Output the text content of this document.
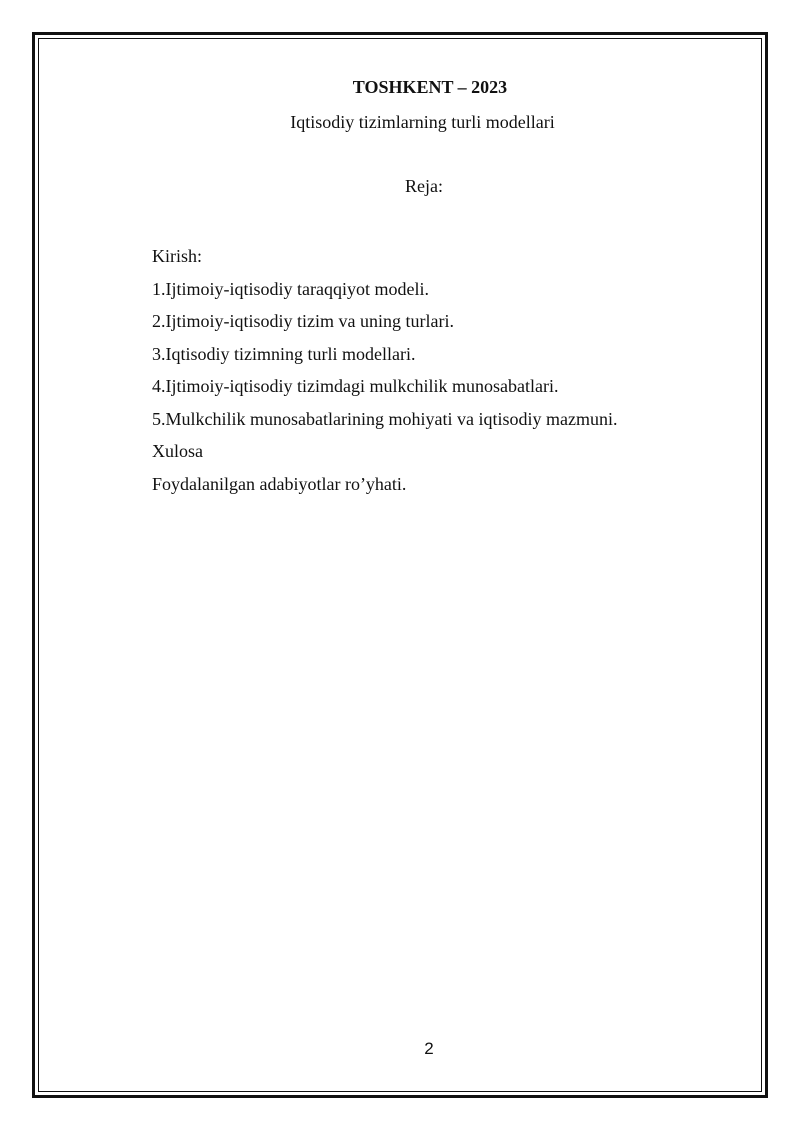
TOSHKENT – 2023
Iqtisodiy tizimlarning turli modellari
Reja:
Kirish:
1.Ijtimoiy-iqtisodiy taraqqiyot modeli.
2.Ijtimoiy-iqtisodiy tizim va uning turlari.
3.Iqtisodiy tizimning turli modellari.
4.Ijtimoiy-iqtisodiy tizimdagi mulkchilik munosabatlari.
5.Mulkchilik munosabatlarining mohiyati va iqtisodiy mazmuni.
Xulosa
Foydalanilgan adabiyotlar ro’yhati.
2
